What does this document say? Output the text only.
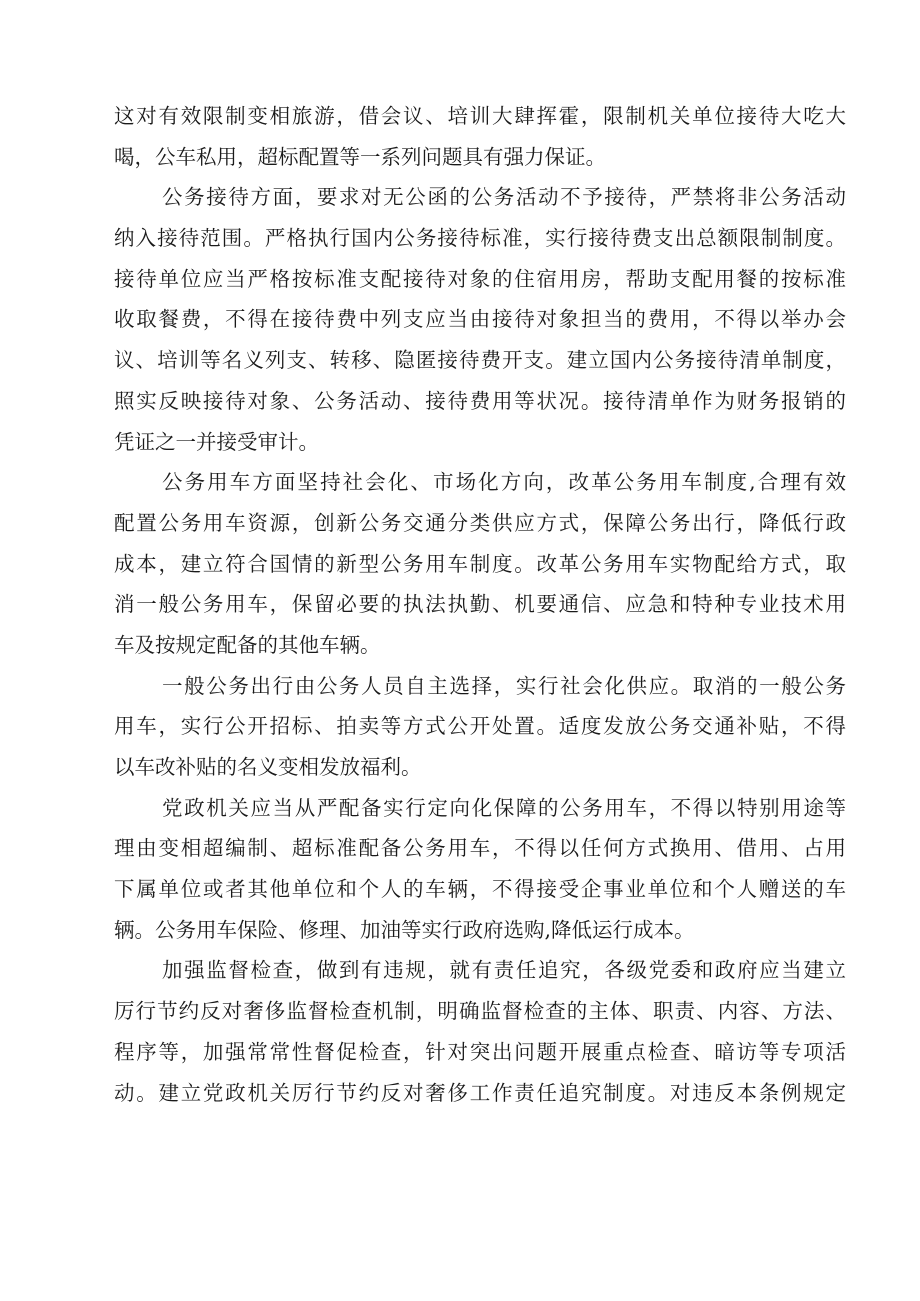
这对有效限制变相旅游，借会议、培训大肆挥霍，限制机关单位接待大吃大
喝，公车私用，超标配置等一系列问题具有强力保证。
公务接待方面，要求对无公函的公务活动不予接待，严禁将非公务活动
纳入接待范围。严格执行国内公务接待标准，实行接待费支出总额限制制度。
接待单位应当严格按标准支配接待对象的住宿用房，帮助支配用餐的按标准
收取餐费，不得在接待费中列支应当由接待对象担当的费用，不得以举办会
议、培训等名义列支、转移、隐匿接待费开支。建立国内公务接待清单制度，
照实反映接待对象、公务活动、接待费用等状况。接待清单作为财务报销的
凭证之一并接受审计。
公务用车方面坚持社会化、市场化方向，改革公务用车制度,合理有效
配置公务用车资源，创新公务交通分类供应方式，保障公务出行，降低行政
成本，建立符合国情的新型公务用车制度。改革公务用车实物配给方式，取
消一般公务用车，保留必要的执法执勤、机要通信、应急和特种专业技术用
车及按规定配备的其他车辆。
一般公务出行由公务人员自主选择，实行社会化供应。取消的一般公务
用车，实行公开招标、拍卖等方式公开处置。适度发放公务交通补贴，不得
以车改补贴的名义变相发放福利。
党政机关应当从严配备实行定向化保障的公务用车，不得以特别用途等
理由变相超编制、超标准配备公务用车，不得以任何方式换用、借用、占用
下属单位或者其他单位和个人的车辆，不得接受企事业单位和个人赠送的车
辆。公务用车保险、修理、加油等实行政府选购,降低运行成本。
加强监督检查，做到有违规，就有责任追究，各级党委和政府应当建立
厉行节约反对奢侈监督检查机制，明确监督检查的主体、职责、内容、方法、
程序等，加强常常性督促检查，针对突出问题开展重点检查、暗访等专项活
动。建立党政机关厉行节约反对奢侈工作责任追究制度。对违反本条例规定
